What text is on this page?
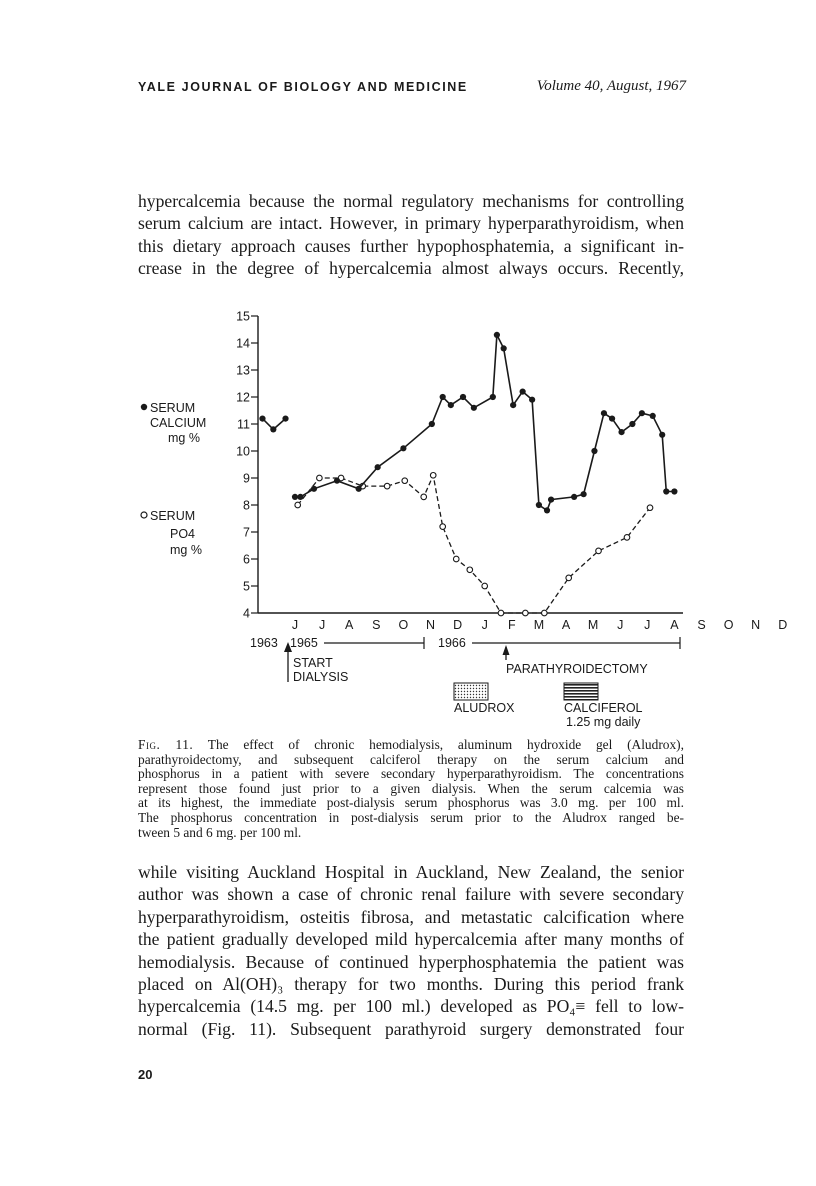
YALE JOURNAL OF BIOLOGY AND MEDICINE	Volume 40, August, 1967
hypercalcemia because the normal regulatory mechanisms for controlling
serum calcium are intact. However, in primary hyperparathyroidism, when
this dietary approach causes further hypophosphatemia, a significant in-
crease in the degree of hypercalcemia almost always occurs. Recently,
4
5
6
7
8
9
10
11
12
13
14
15
J J A S O N D J F M A M J J A S O N D
SERUM
CALCIUM
mg %
SERUM
PO4
mg %
1963 1965	1966
START
DIALYSIS
PARATHYROIDECTOMY
ALUDROX	CALCIFEROL
1.25 mg daily
Fig. 11. The effect of chronic hemodialysis, aluminum hydroxide gel (Aludrox),
parathyroidectomy, and subsequent calciferol therapy on the serum calcium and
phosphorus in a patient with severe secondary hyperparathyroidism. The concentrations
represent those found just prior to a given dialysis. When the serum calcemia was
at its highest, the immediate post-dialysis serum phosphorus was 3.0 mg. per 100 ml.
The phosphorus concentration in post-dialysis serum prior to the Aludrox ranged be-
tween 5 and 6 mg. per 100 ml.
while visiting Auckland Hospital in Auckland, New Zealand, the senior
author was shown a case of chronic renal failure with severe secondary
hyperparathyroidism, osteitis fibrosa, and metastatic calcification where
the patient gradually developed mild hypercalcemia after many months of
hemodialysis. Because of continued hyperphosphatemia the patient was
placed on Al(OH)₃ therapy for two months. During this period frank
hypercalcemia (14.5 mg. per 100 ml.) developed as PO₄≡ fell to low-
normal (Fig. 11). Subsequent parathyroid surgery demonstrated four
20
